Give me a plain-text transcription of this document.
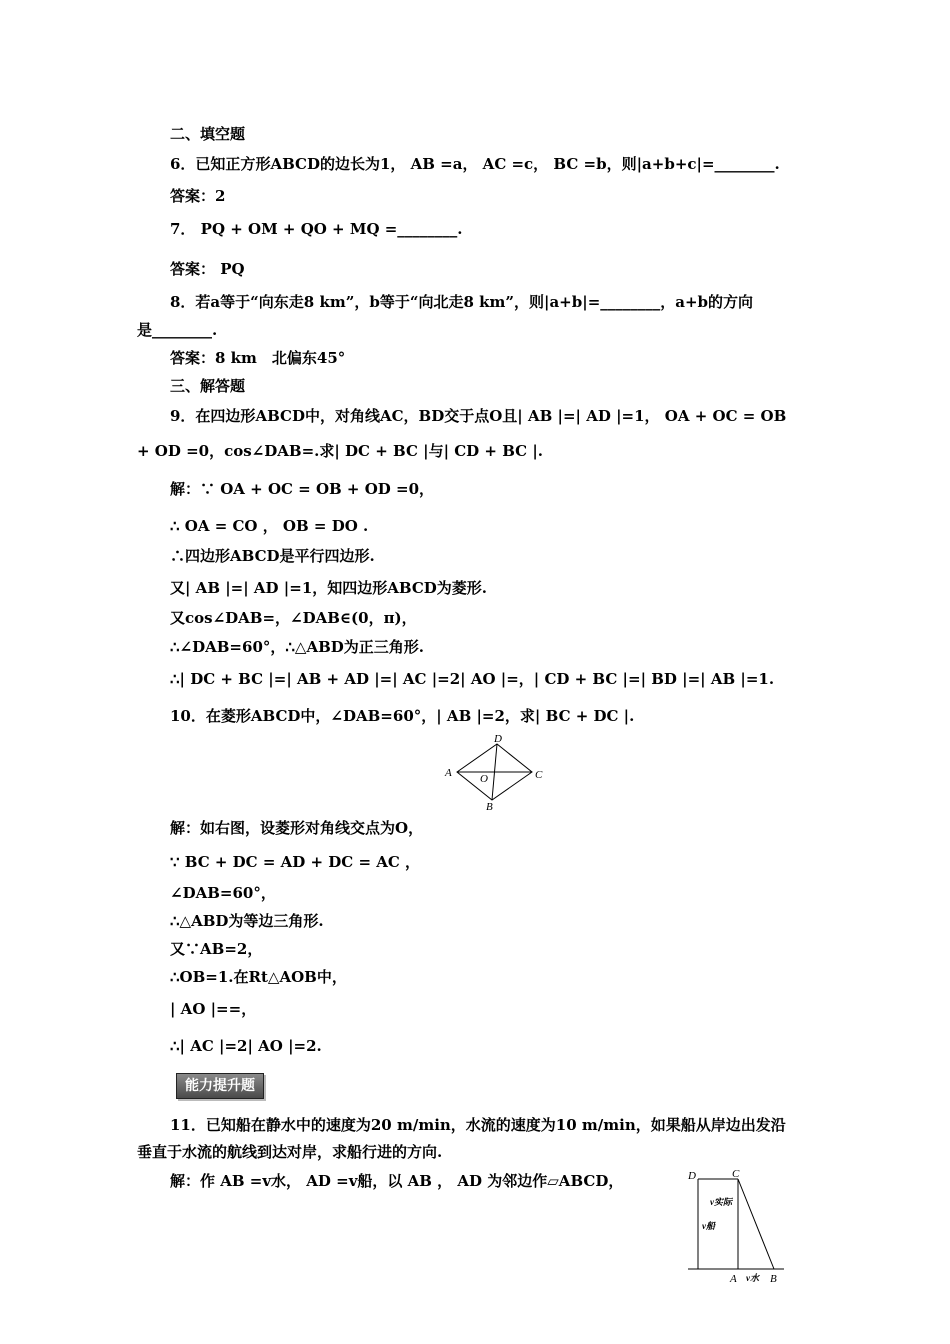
二、填空题
6．已知正方形ABCD的边长为1， AB =a， AC =c， BC =b，则|a+b+c|=________.
答案：2
7． PQ + OM + QO + MQ =________.
答案： PQ
8．若a等于“向东走8 km”，b等于“向北走8 km”，则|a+b|=________，a+b的方向
是________.
答案：8 km　北偏东45°
三、解答题
9．在四边形ABCD中，对角线AC，BD交于点O且| AB |=| AD |=1， OA + OC = OB
+ OD =0，cos∠DAB=.求| DC + BC |与| CD + BC |.
解：∵ OA + OC = OB + OD =0，
∴ OA = CO ， OB = DO .
∴四边形ABCD是平行四边形.
又| AB |=| AD |=1，知四边形ABCD为菱形.
又cos∠DAB=，∠DAB∈(0，π)，
∴∠DAB=60°，∴△ABD为正三角形.
∴| DC + BC |=| AB + AD |=| AC |=2| AO |=，| CD + BC |=| BD |=| AB |=1.
10．在菱形ABCD中，∠DAB=60°，| AB |=2，求| BC + DC |.
解：如右图，设菱形对角线交点为O，
∵ BC + DC = AD + DC = AC ，
∠DAB=60°，
∴△ABD为等边三角形.
又∵AB=2，
∴OB=1.在Rt△AOB中，
| AO |==，
∴| AC |=2| AO |=2.
11．已知船在静水中的速度为20 m/min，水流的速度为10 m/min，如果船从岸边出发沿
垂直于水流的航线到达对岸，求船行进的方向.
解：作 AB =v水， AD =v船，以 AB ， AD 为邻边作▱ABCD，
能力提升题
D
A	O	C
B
D	C
v实际
v船
A v水 B
